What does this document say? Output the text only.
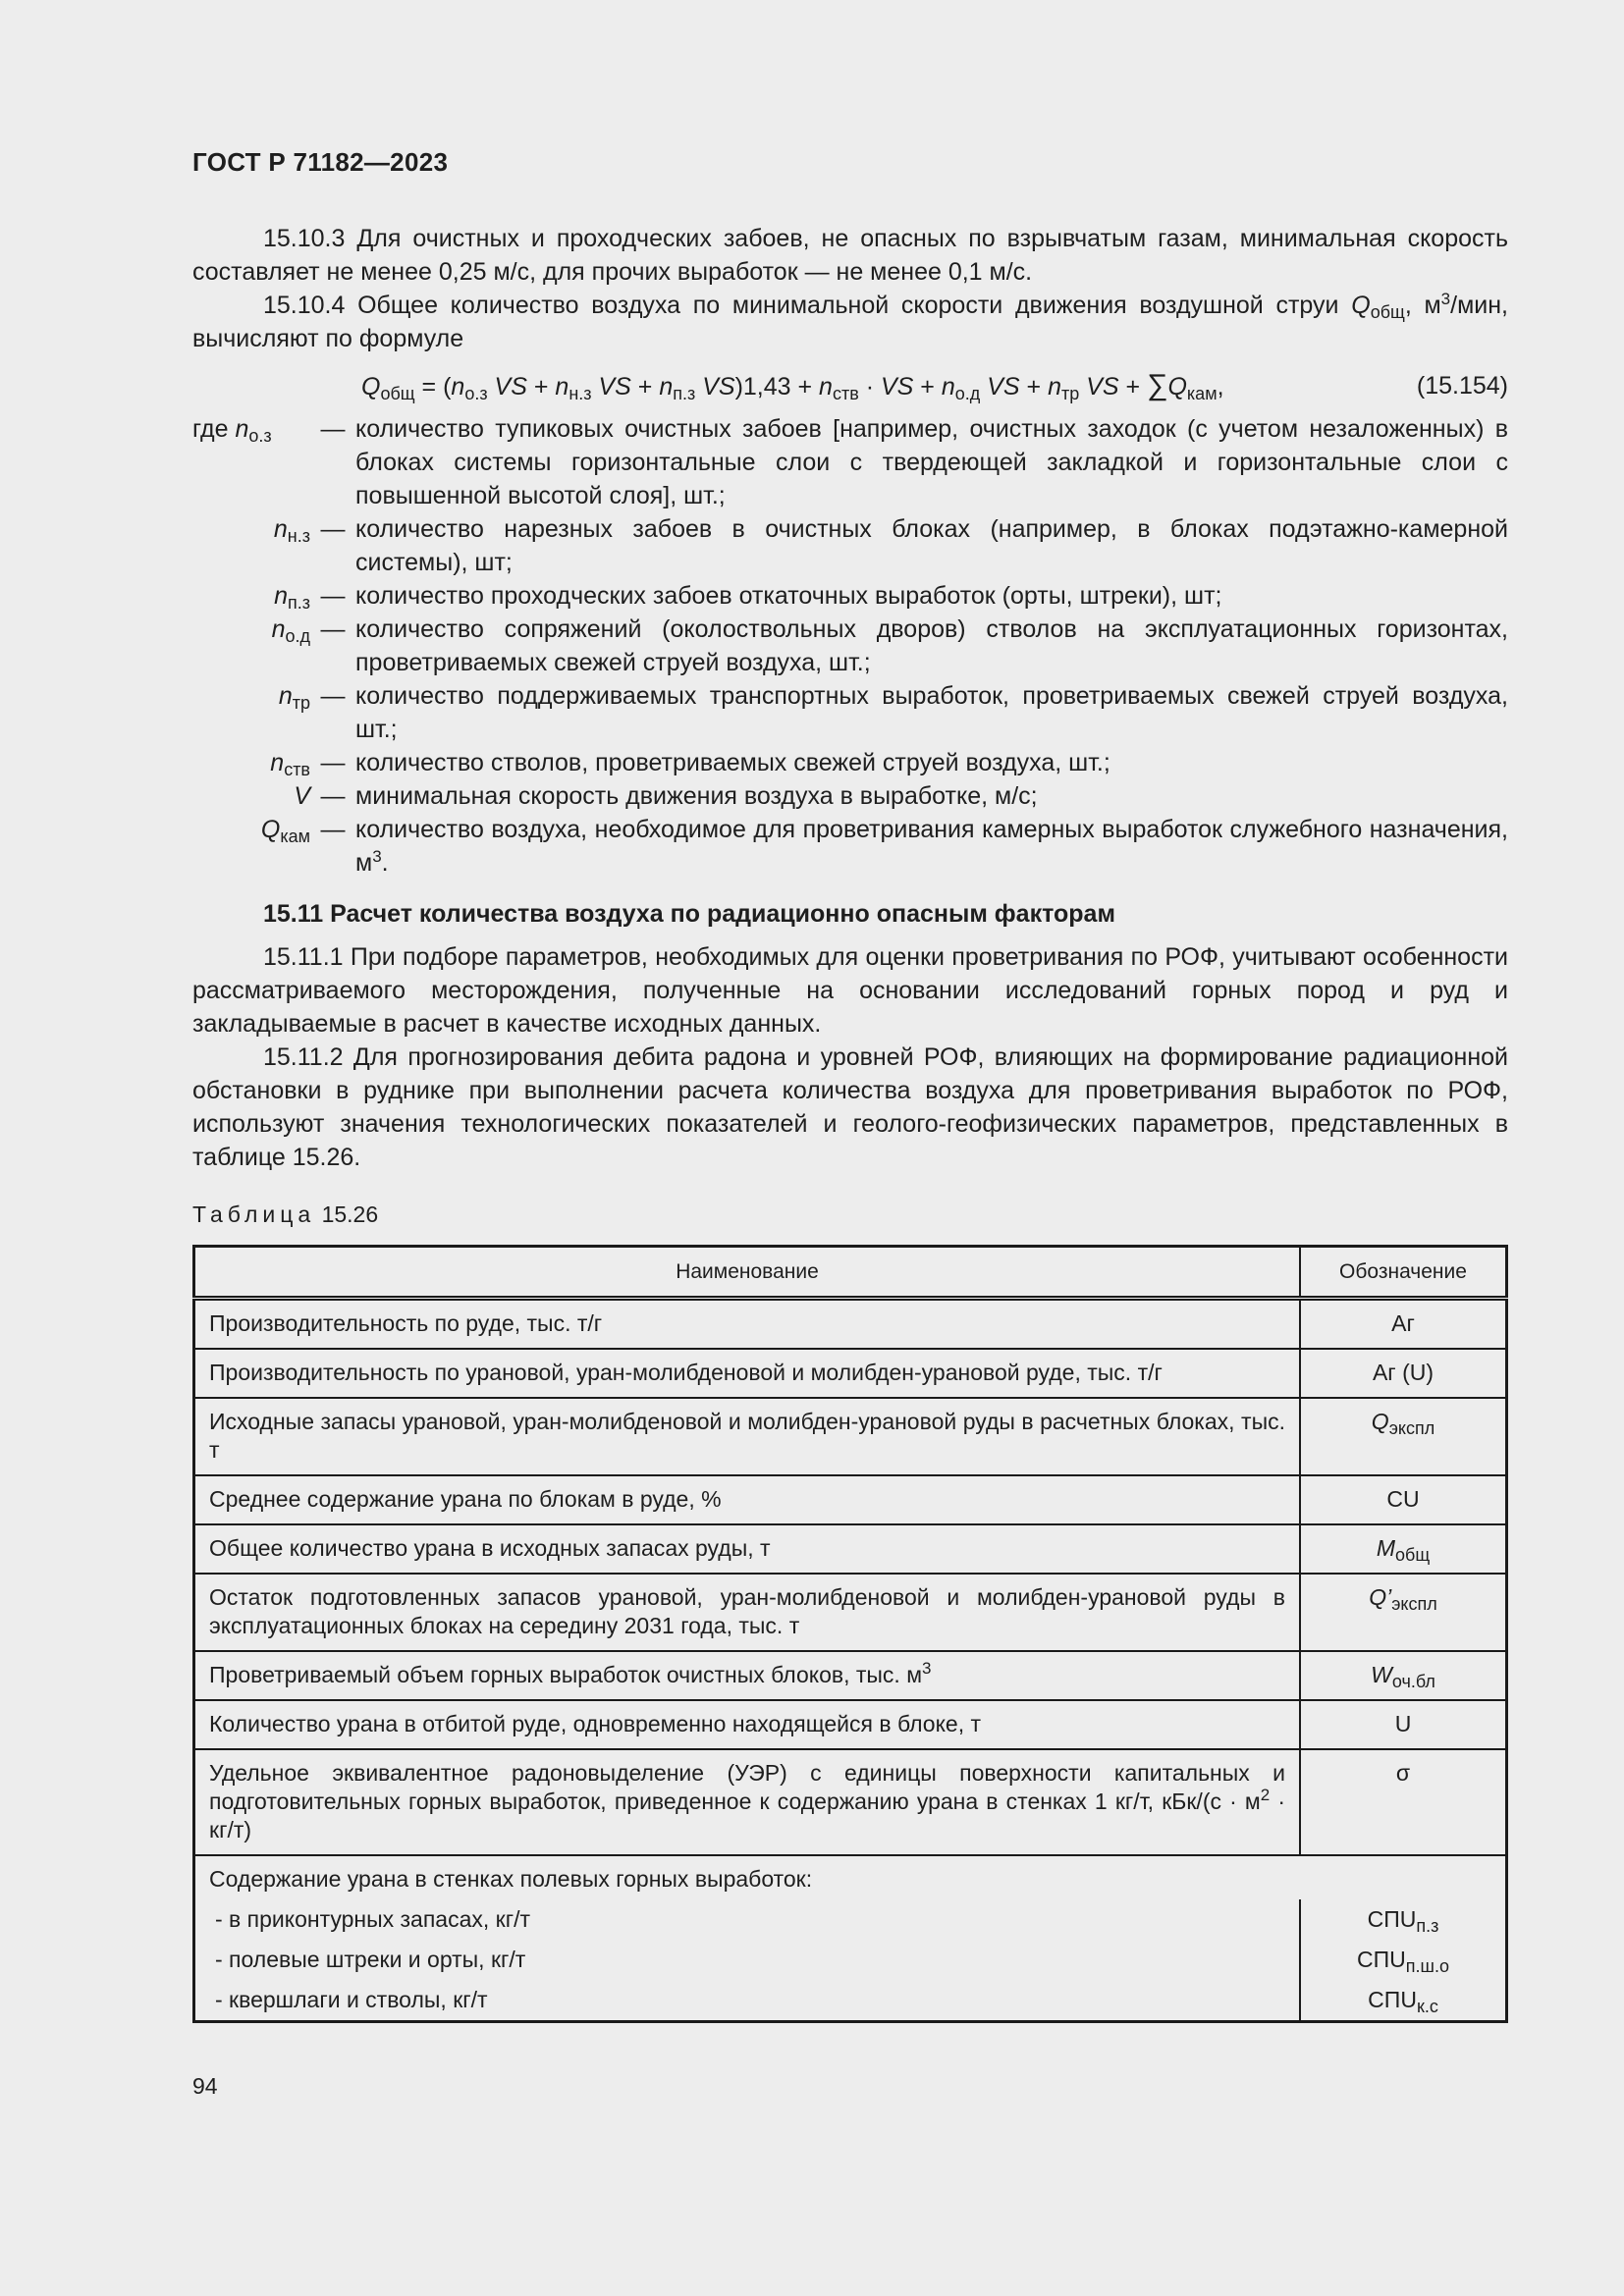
ГОСТ Р 71182—2023

15.10.3 Для очистных и проходческих забоев, не опасных по взрывчатым газам, минимальная скорость составляет не менее 0,25 м/с, для прочих выработок — не менее 0,1 м/с.

15.10.4 Общее количество воздуха по минимальной скорости движения воздушной струи $Q_{общ}$, $м^3$/мин, вычисляют по формуле

$Q_{общ} = (n_{о.з}$ VS + $n_{н.з}$ VS + $n_{п.з}$ $VS)1,43 + n_{ств}$ · VS + $n_{о.д}$ VS + $n_{тр}$ VS + $\sum Q_{кам}$,	(15.154)
где $n_{о.з}$	— количество тупиковых очистных забоев [например, очистных заходок (с учетом незаложенных) в блоках системы горизонтальные слои с твердеющей закладкой и горизонтальные слои с повышенной высотой слоя], шт.;
$n_{н.з}$ — количество нарезных забоев в очистных блоках (например, в блоках подэтажно-камерной системы), шт;
$n_{п.з}$ — количество проходческих забоев откаточных выработок (орты, штреки), шт;
$n_{о.д}$ — количество сопряжений (околоствольных дворов) стволов на эксплуатационных горизонтах, проветриваемых свежей струей воздуха, шт.;
$n_{тр}$ — количество поддерживаемых транспортных выработок, проветриваемых свежей струей воздуха, шт.;
$n_{ств}$ — количество стволов, проветриваемых свежей струей воздуха, шт.;
V — минимальная скорость движения воздуха в выработке, м/с;
$Q_{кам}$ — количество воздуха, необходимое для проветривания камерных выработок служебного назначения, $м^3$.
15.11 Расчет количества воздуха по радиационно опасным факторам

15.11.1 При подборе параметров, необходимых для оценки проветривания по РОФ, учитывают особенности рассматриваемого месторождения, полученные на основании исследований горных пород и руд и закладываемые в расчет в качестве исходных данных.

15.11.2 Для прогнозирования дебита радона и уровней РОФ, влияющих на формирование радиационной обстановки в руднике при выполнении расчета количества воздуха для проветривания выработок по РОФ, используют значения технологических показателей и геолого-геофизических параметров, представленных в таблице 15.26.

Таблица 15.26
Наименование	Обозначение
Производительность по руде, тыс. т/г	Аг
Производительность по урановой, уран-молибденовой и молибден-урановой руде, тыс. т/г	Аг (U)
Исходные запасы урановой, уран-молибденовой и молибден-урановой руды в расчетных блоках, тыс. т	$Q_{экспл}$
Среднее содержание урана по блокам в руде, %	CU
Общее количество урана в исходных запасах руды, т	$M_{общ}$
Остаток подготовленных запасов урановой, уран-молибденовой и молибден-урановой руды в эксплуатационных блоках на середину 2031 года, тыс. т	$Q’_{экспл}$
Проветриваемый объем горных выработок очистных блоков, тыс. $м^3$	$W_{оч.бл}$
Количество урана в отбитой руде, одновременно находящейся в блоке, т	U
Удельное эквивалентное радоновыделение (УЭР) с единицы поверхности капитальных и подготовительных горных выработок, приведенное к содержанию урана в стенках 1 кг/т, $кБк/(с \cdot м^2 \cdot кг/т)$	σ
Содержание урана в стенках полевых горных выработок:	
- в приконтурных запасах, кг/т	$СПU_{п.з}$
- полевые штреки и орты, кг/т	$СПU_{п.ш.о}$
- квершлаги и стволы, кг/т	$СПU_{к.с}$
94
